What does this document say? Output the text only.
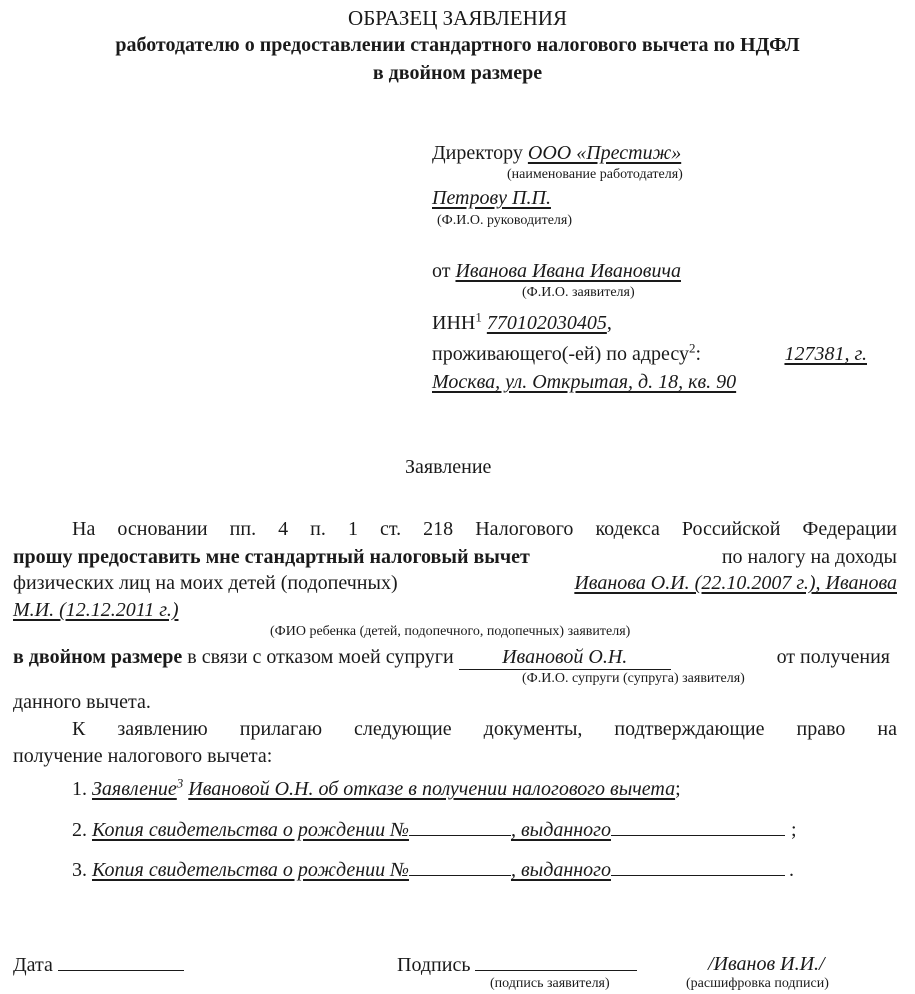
ОБРАЗЕЦ ЗАЯВЛЕНИЯ
работодателю о предоставлении стандартного налогового вычета по НДФЛ
в двойном размере
Директору ООО «Престиж»
(наименование работодателя)
Петрову П.П.
(Ф.И.О. руководителя)
от Иванова Ивана Ивановича
(Ф.И.О. заявителя)
ИНН$^1$ 770102030405,
проживающего(-ей) по адресу$^2$:	127381, г.
Москва, ул. Открытая, д. 18, кв. 90
Заявление
На основании пп. 4 п. 1 ст. 218 Налогового кодекса Российской Федерации
прошу предоставить мне стандартный налоговый вычет	по налогу на доходы
физических лиц на моих детей (подопечных)	Иванова О.И. (22.10.2007 г.), Иванова
М.И. (12.12.2011 г.)
(ФИО ребенка (детей, подопечного, подопечных) заявителя)
в двойном размере в связи с отказом моей супруги Ивановой О.Н.	от получения
(Ф.И.О. супруги (супруга) заявителя)
данного вычета.
К заявлению прилагаю следующие документы, подтверждающие право на
получение налогового вычета:
1. Заявление$^3$ Ивановой О.Н. об отказе в получении налогового вычета;
2. Копия свидетельства о рождении №	, выданного	;
3. Копия свидетельства о рождении №	, выданного	.
Дата	Подпись
(подпись заявителя)
/Иванов И.И./
(расшифровка подписи)
